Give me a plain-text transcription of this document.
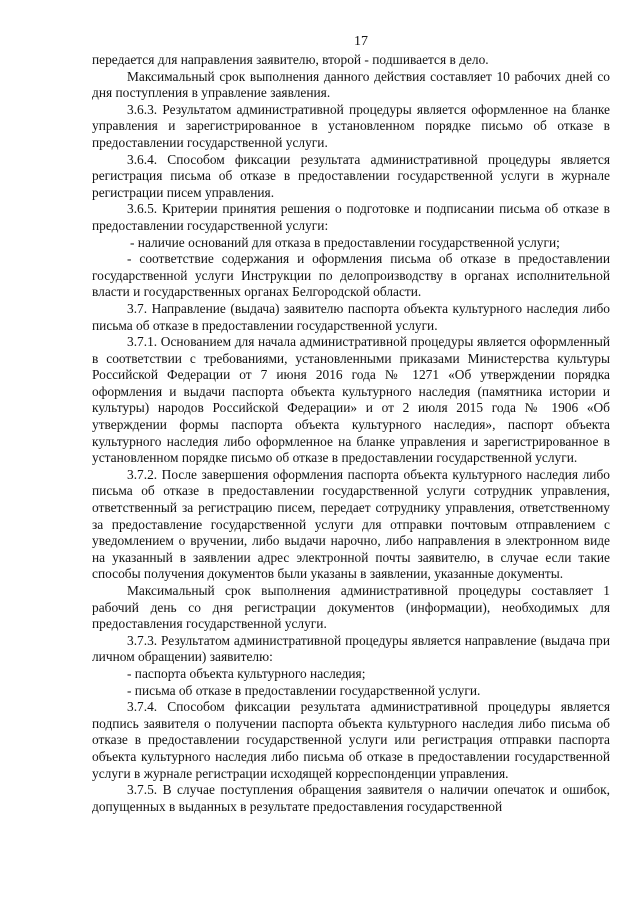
17

передается для направления заявителю, второй - подшивается в дело.

Максимальный срок выполнения данного действия составляет 10 рабочих дней со дня поступления в управление заявления.

3.6.3. Результатом административной процедуры является оформленное на бланке управления и зарегистрированное в установленном порядке письмо об отказе в предоставлении государственной услуги.

3.6.4. Способом фиксации результата административной процедуры является регистрация письма об отказе в предоставлении государственной услуги в журнале регистрации писем управления.

3.6.5. Критерии принятия решения о подготовке и подписании письма об отказе в предоставлении государственной услуги:

- наличие оснований для отказа в предоставлении государственной услуги;

- соответствие содержания и оформления письма об отказе в предоставлении государственной услуги Инструкции по делопроизводству в органах исполнительной власти и государственных органах Белгородской области.

3.7. Направление (выдача) заявителю паспорта объекта культурного наследия либо письма об отказе в предоставлении государственной услуги.

3.7.1. Основанием для начала административной процедуры является оформленный в соответствии с требованиями, установленными приказами Министерства культуры Российской Федерации от 7 июня 2016 года № 1271 «Об утверждении порядка оформления и выдачи паспорта объекта культурного наследия (памятника истории и культуры) народов Российской Федерации» и от 2 июля 2015 года № 1906 «Об утверждении формы паспорта объекта культурного наследия», паспорт объекта культурного наследия либо оформленное на бланке управления и зарегистрированное в установленном порядке письмо об отказе в предоставлении государственной услуги.

3.7.2. После завершения оформления паспорта объекта культурного наследия либо письма об отказе в предоставлении государственной услуги сотрудник управления, ответственный за регистрацию писем, передает сотруднику управления, ответственному за предоставление государственной услуги для отправки почтовым отправлением с уведомлением о вручении, либо выдачи нарочно, либо направления в электронном виде на указанный в заявлении адрес электронной почты заявителю, в случае если такие способы получения документов были указаны в заявлении, указанные документы.

Максимальный срок выполнения административной процедуры составляет 1 рабочий день со дня регистрации документов (информации), необходимых для предоставления государственной услуги.

3.7.3. Результатом административной процедуры является направление (выдача при личном обращении) заявителю:

- паспорта объекта культурного наследия;

- письма об отказе в предоставлении государственной услуги.

3.7.4. Способом фиксации результата административной процедуры является подпись заявителя о получении паспорта объекта культурного наследия либо письма об отказе в предоставлении государственной услуги или регистрация отправки паспорта объекта культурного наследия либо письма об отказе в предоставлении государственной услуги в журнале регистрации исходящей корреспонденции управления.

3.7.5. В случае поступления обращения заявителя о наличии опечаток и ошибок, допущенных в выданных в результате предоставления государственной
